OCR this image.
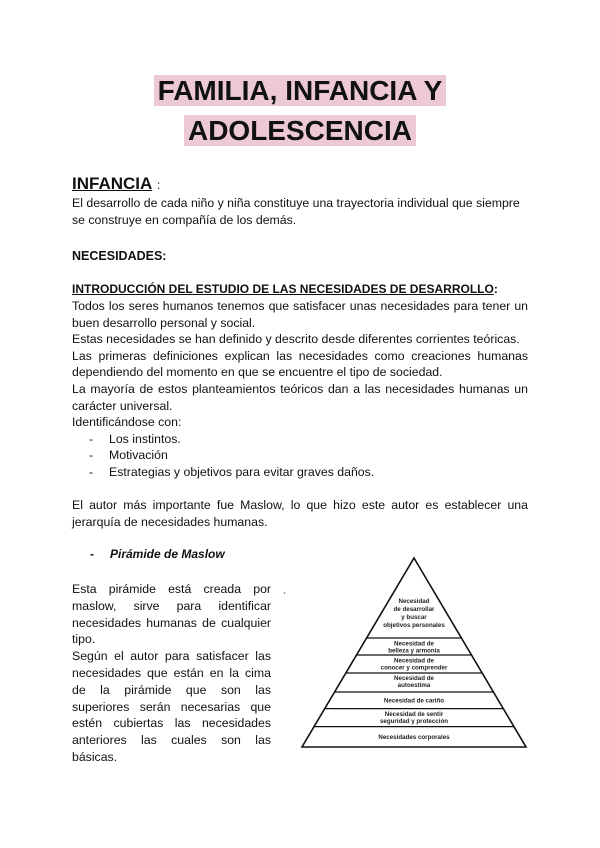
FAMILIA, INFANCIA Y
ADOLESCENCIA
INFANCIA :
El desarrollo de cada niño y niña constituye una trayectoria individual que siempre se construye en compañía de los demás.
NECESIDADES:
INTRODUCCIÓN DEL ESTUDIO DE LAS NECESIDADES DE DESARROLLO:

Todos los seres humanos tenemos que satisfacer unas necesidades para tener un buen desarrollo personal y social.

Estas necesidades se han definido y descrito desde diferentes corrientes teóricas.

Las primeras definiciones explican las necesidades como creaciones humanas dependiendo del momento en que se encuentre el tipo de sociedad.

La mayoría de estos planteamientos teóricos dan a las necesidades humanas un carácter universal.

Identificándose con:

- Los instintos.
- Motivación
- Estrategias y objetivos para evitar graves daños.
El autor más importante fue Maslow, lo que hizo este autor es establecer una jerarquía de necesidades humanas.
- Pirámide de Maslow

Esta pirámide está creada por maslow, sirve para identificar necesidades humanas de cualquier tipo.

Según el autor para satisfacer las necesidades que están en la cima de la pirámide que son las superiores serán necesarias que estén cubiertas las necesidades anteriores las cuales son las básicas.

`	Necesidad
de desarrollar
y buscar
objetivos personales
Necesidad de
belleza y armonía
Necesidad de
conocer y comprender
Necesidad de
autoestima
Necesidad de cariño
Necesidad de sentir
seguridad y protección
Necesidades corporales
